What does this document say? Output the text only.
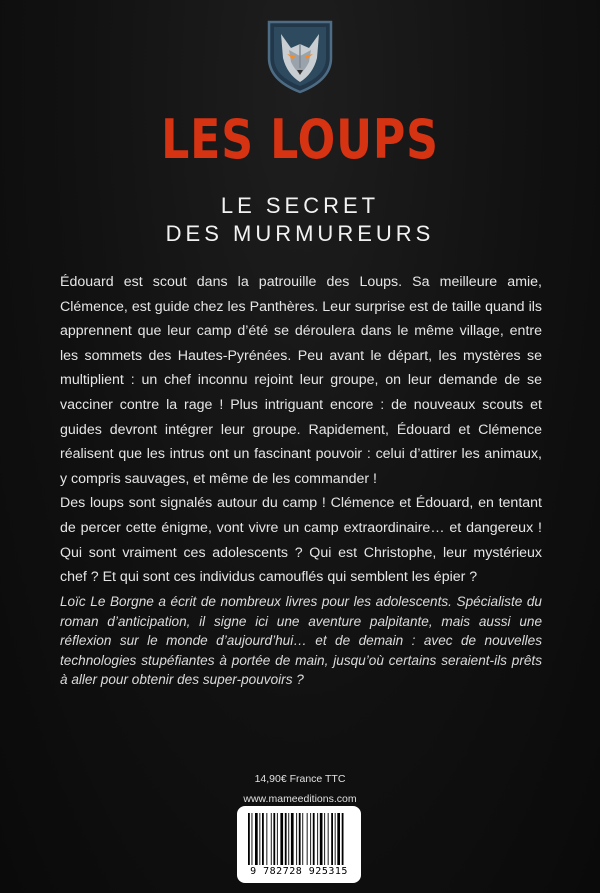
LES LOUPS
LE SECRET
DES MURMUREURS

Édouard est scout dans la patrouille des Loups. Sa meilleure amie, Clémence, est guide chez les Panthères. Leur surprise est de taille quand ils apprennent que leur camp d’été se déroulera dans le même village, entre les sommets des Hautes-Pyrénées. Peu avant le départ, les mystères se multiplient : un chef inconnu rejoint leur groupe, on leur demande de se vacciner contre la rage ! Plus intriguant encore : de nouveaux scouts et guides devront intégrer leur groupe. Rapidement, Édouard et Clémence réalisent que les intrus ont un fascinant pouvoir : celui d’attirer les animaux, y compris sauvages, et même de les commander !

Des loups sont signalés autour du camp ! Clémence et Édouard, en tentant de percer cette énigme, vont vivre un camp extraordinaire… et dangereux ! Qui sont vraiment ces adolescents ? Qui est Christophe, leur mystérieux chef ? Et qui sont ces individus camouflés qui semblent les épier ?

Loïc Le Borgne a écrit de nombreux livres pour les adolescents. Spécialiste du roman d’anticipation, il signe ici une aventure palpitante, mais aussi une réflexion sur le monde d’aujourd’hui… et de demain : avec de nouvelles technologies stupéfiantes à portée de main, jusqu’où certains seraient-ils prêts à aller pour obtenir des super-pouvoirs ?
14,90€ France TTC
www.mameeditions.com
9 782728 925315
